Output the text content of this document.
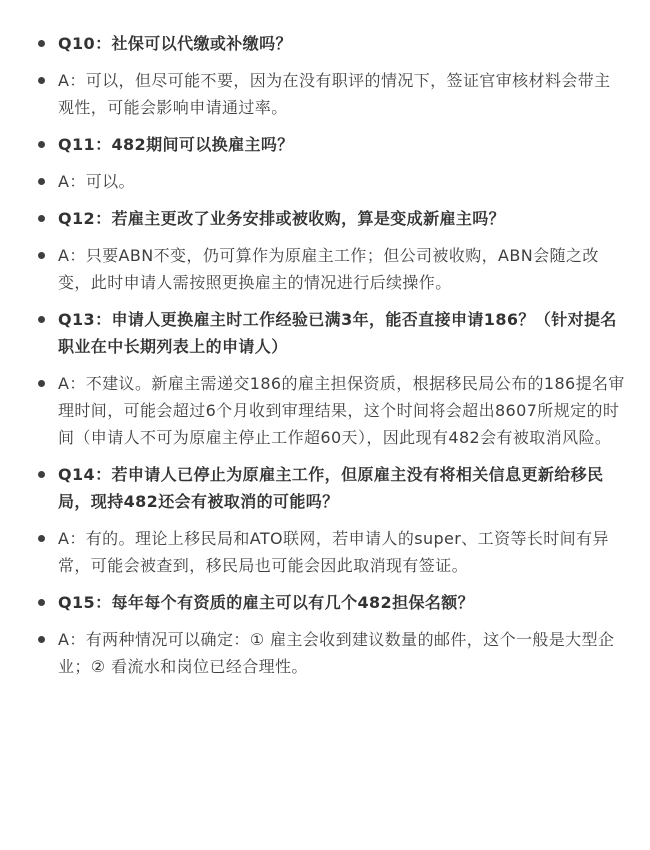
Q10：社保可以代缴或补缴吗？
A：可以，但尽可能不要，因为在没有职评的情况下，签证官审核材料会带主观性，可能会影响申请通过率。
Q11：482期间可以换雇主吗？
A：可以。
Q12：若雇主更改了业务安排或被收购，算是变成新雇主吗？
A：只要ABN不变，仍可算作为原雇主工作；但公司被收购，ABN会随之改变，此时申请人需按照更换雇主的情况进行后续操作。
Q13：申请人更换雇主时工作经验已满3年，能否直接申请186？（针对提名职业在中长期列表上的申请人）
A：不建议。新雇主需递交186的雇主担保资质，根据移民局公布的186提名审理时间，可能会超过6个月收到审理结果，这个时间将会超出8607所规定的时间（申请人不可为原雇主停止工作超60天），因此现有482会有被取消风险。
Q14：若申请人已停止为原雇主工作，但原雇主没有将相关信息更新给移民局，现持482还会有被取消的可能吗？
A：有的。理论上移民局和ATO联网，若申请人的super、工资等长时间有异常，可能会被查到，移民局也可能会因此取消现有签证。
Q15：每年每个有资质的雇主可以有几个482担保名额？
A：有两种情况可以确定：① 雇主会收到建议数量的邮件，这个一般是大型企业；② 看流水和岗位已经合理性。
